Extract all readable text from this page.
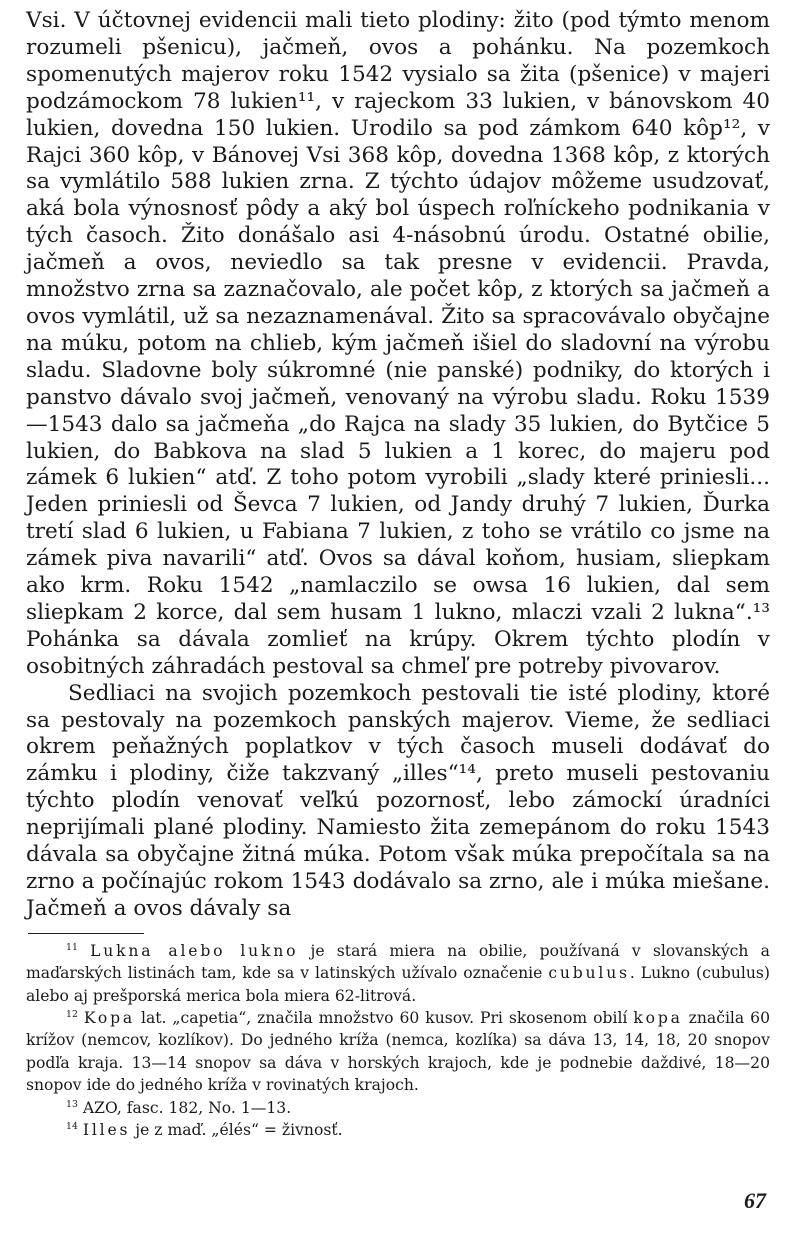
Vsi. V účtovnej evidencii mali tieto plodiny: žito (pod týmto menom rozumeli pšenicu), jačmeň, ovos a pohánku. Na pozemkoch spomenutých majerov roku 1542 vysialo sa žita (pšenice) v majeri podzámockom 78 lukien¹¹, v rajeckom 33 lukien, v bánovskom 40 lukien, dovedna 150 lukien. Urodilo sa pod zámkom 640 kôp¹², v Rajci 360 kôp, v Bánovej Vsi 368 kôp, dovedna 1368 kôp, z ktorých sa vymlátilo 588 lukien zrna. Z týchto údajov môžeme usudzovať, aká bola výnosnosť pôdy a aký bol úspech roľníckeho podnikania v tých časoch. Žito donášalo asi 4-násobnú úrodu. Ostatné obilie, jačmeň a ovos, neviedlo sa tak presne v evidencii. Pravda, množstvo zrna sa zaznačovalo, ale počet kôp, z ktorých sa jačmeň a ovos vymlátil, už sa nezaznamenával. Žito sa spracovávalo obyčajne na múku, potom na chlieb, kým jačmeň išiel do sladovní na výrobu sladu. Sladovne boly súkromné (nie panské) podniky, do ktorých i panstvo dávalo svoj jačmeň, venovaný na výrobu sladu. Roku 1539—1543 dalo sa jačmeňa „do Rajca na slady 35 lukien, do Bytčice 5 lukien, do Babkova na slad 5 lukien a 1 korec, do majeru pod zámek 6 lukien“ atď. Z toho potom vyrobili „slady které priniesli... Jeden priniesli od Ševca 7 lukien, od Jandy druhý 7 lukien, Ďurka tretí slad 6 lukien, u Fabiana 7 lukien, z toho se vrátilo co jsme na zámek piva navarili“ atď. Ovos sa dával koňom, husiam, sliepkam ako krm. Roku 1542 „namlaczilo se owsa 16 lukien, dal sem sliepkam 2 korce, dal sem husam 1 lukno, mlaczi vzali 2 lukna“.¹³ Pohánka sa dávala zomlieť na krúpy. Okrem týchto plodín v osobitných záhradách pestoval sa chmeľ pre potreby pivovarov.

Sedliaci na svojich pozemkoch pestovali tie isté plodiny, ktoré sa pestovaly na pozemkoch panských majerov. Vieme, že sedliaci okrem peňažných poplatkov v tých časoch museli dodávať do zámku i plodiny, čiže takzvaný „illes“¹⁴, preto museli pestovaniu týchto plodín venovať veľkú pozornosť, lebo zámockí úradníci neprijímali plané plodiny. Namiesto žita zemepánom do roku 1543 dávala sa obyčajne žitná múka. Potom však múka prepočítala sa na zrno a počínajúc rokom 1543 dodávalo sa zrno, ale i múka miešane. Jačmeň a ovos dávaly sa

$^{11}$ Lukna alebo lukno je stará miera na obilie, používaná v slovanských a maďarských listinách tam, kde sa v latinských užívalo označenie cubulus. Lukno (cubulus) alebo aj prešporská merica bola miera 62-litrová.

$^{12}$ Kopa lat. „capetia“, značila množstvo 60 kusov. Pri skosenom obilí kopa značila 60 krížov (nemcov, kozlíkov). Do jedného kríža (nemca, kozlíka) sa dáva 13, 14, 18, 20 snopov podľa kraja. 13—14 snopov sa dáva v horských krajoch, kde je podnebie daždivé, 18—20 snopov ide do jedného kríža v rovinatých krajoch.

$^{13}$ AZO, fasc. 182, No. 1—13.

$^{14}$ Illes je z maď. „élés“ = živnosť.

67
